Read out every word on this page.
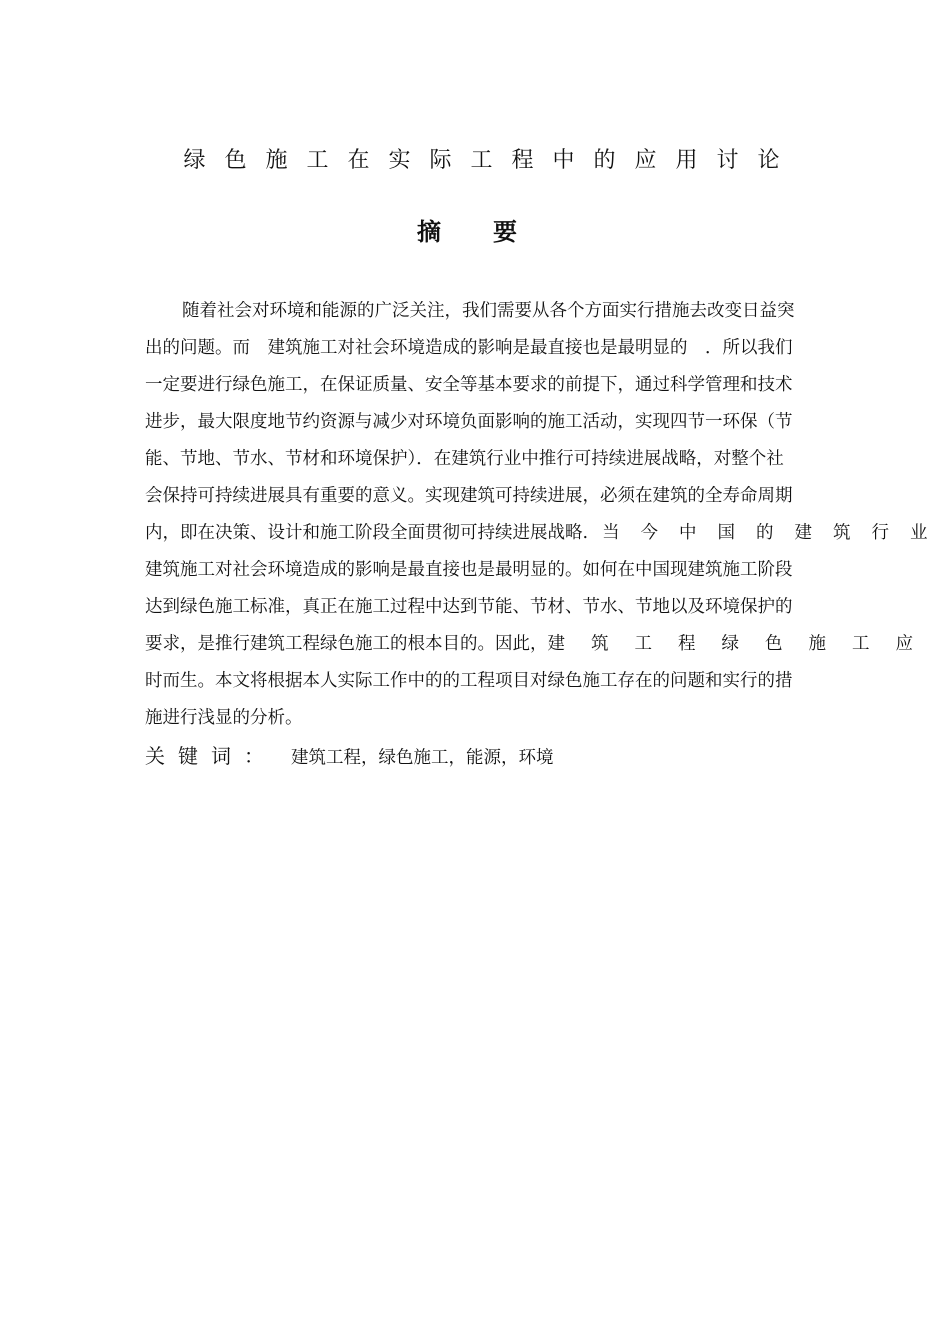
绿色施工在实际工程中的应用讨论
摘要
随着社会对环境和能源的广泛关注，我们需要从各个方面实行措施去改变日益突
出的问题。而　建筑施工对社会环境造成的影响是最直接也是最明显的　．所以我们
一定要进行绿色施工，在保证质量、安全等基本要求的前提下，通过科学管理和技术
进步，最大限度地节约资源与减少对环境负面影响的施工活动，实现四节一环保（节
能、节地、节水、节材和环境保护）．在建筑行业中推行可持续进展战略，对整个社
会保持可持续进展具有重要的意义。实现建筑可持续进展，必须在建筑的全寿命周期
内，即在决策、设计和施工阶段全面贯彻可持续进展战略. 当今中国的建筑行业
建筑施工对社会环境造成的影响是最直接也是最明显的。如何在中国现建筑施工阶段
达到绿色施工标准，真正在施工过程中达到节能、节材、节水、节地以及环境保护的
要求，是推行建筑工程绿色施工的根本目的。因此，建筑工程绿色施工应
时而生。本文将根据本人实际工作中的的工程项目对绿色施工存在的问题和实行的措
施进行浅显的分析。
关键词： 建筑工程，绿色施工，能源，环境
